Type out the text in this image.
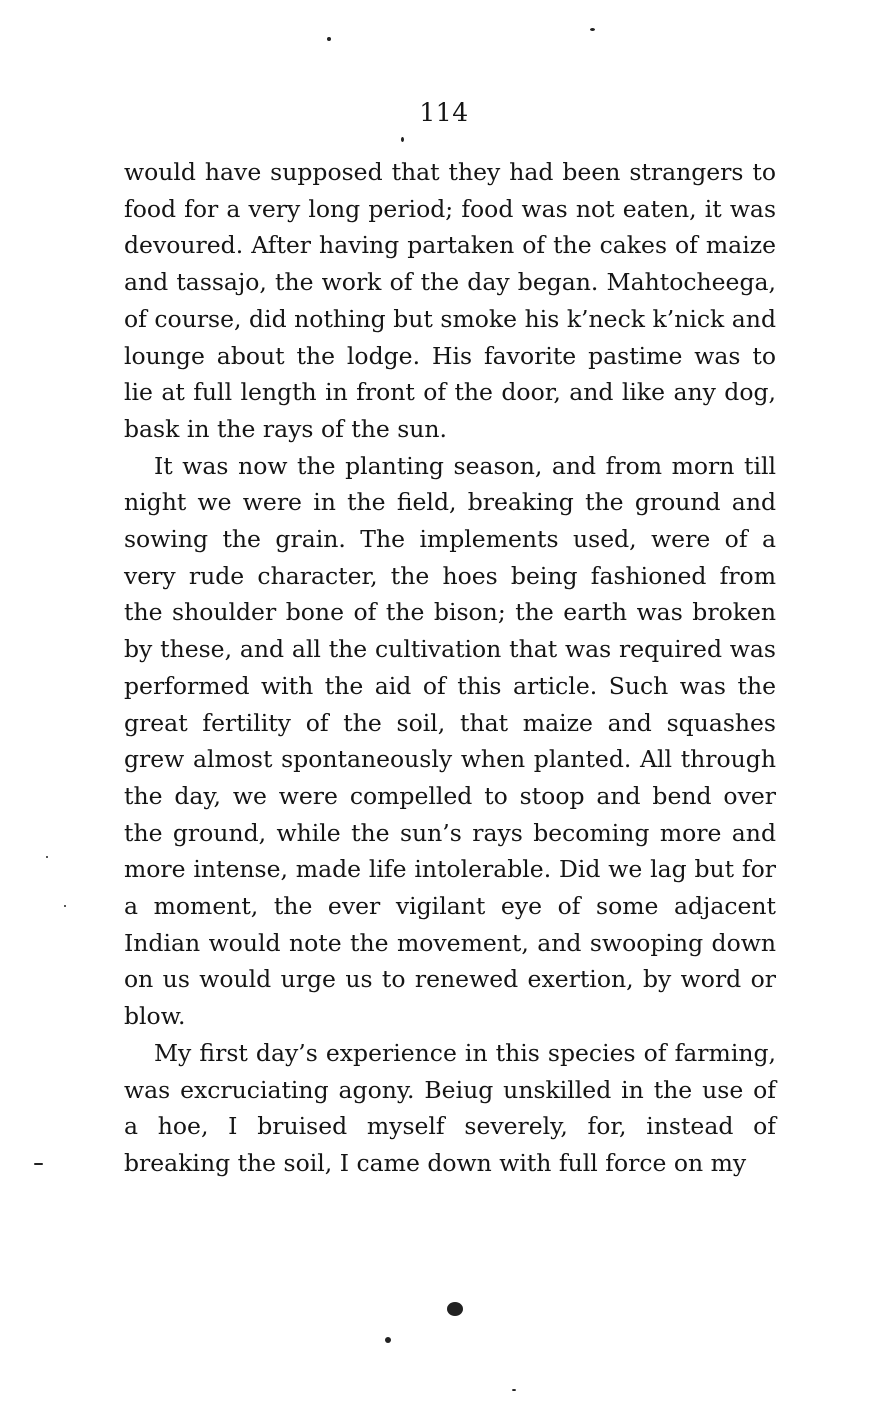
114

would have supposed that they had been strangers to food for a very long period; food was not eaten, it was devoured. After having partaken of the cakes of maize and tassajo, the work of the day began. Mahtocheega, of course, did nothing but smoke his k’neck k’nick and lounge about the lodge. His favorite pastime was to lie at full length in front of the door, and like any dog, bask in the rays of the sun.

It was now the planting season, and from morn till night we were in the field, breaking the ground and sowing the grain. The implements used, were of a very rude character, the hoes being fashioned from the shoulder bone of the bison; the earth was broken by these, and all the cultivation that was required was performed with the aid of this article. Such was the great fertility of the soil, that maize and squashes grew almost spontaneously when planted. All through the day, we were compelled to stoop and bend over the ground, while the sun’s rays becoming more and more intense, made life intolerable. Did we lag but for a moment, the ever vigilant eye of some adjacent Indian would note the movement, and swooping down on us would urge us to renewed exertion, by word or blow.

My first day’s experience in this species of farming, was excruciating agony. Beiug unskilled in the use of a hoe, I bruised myself severely, for, instead of breaking the soil, I came down with full force on my
